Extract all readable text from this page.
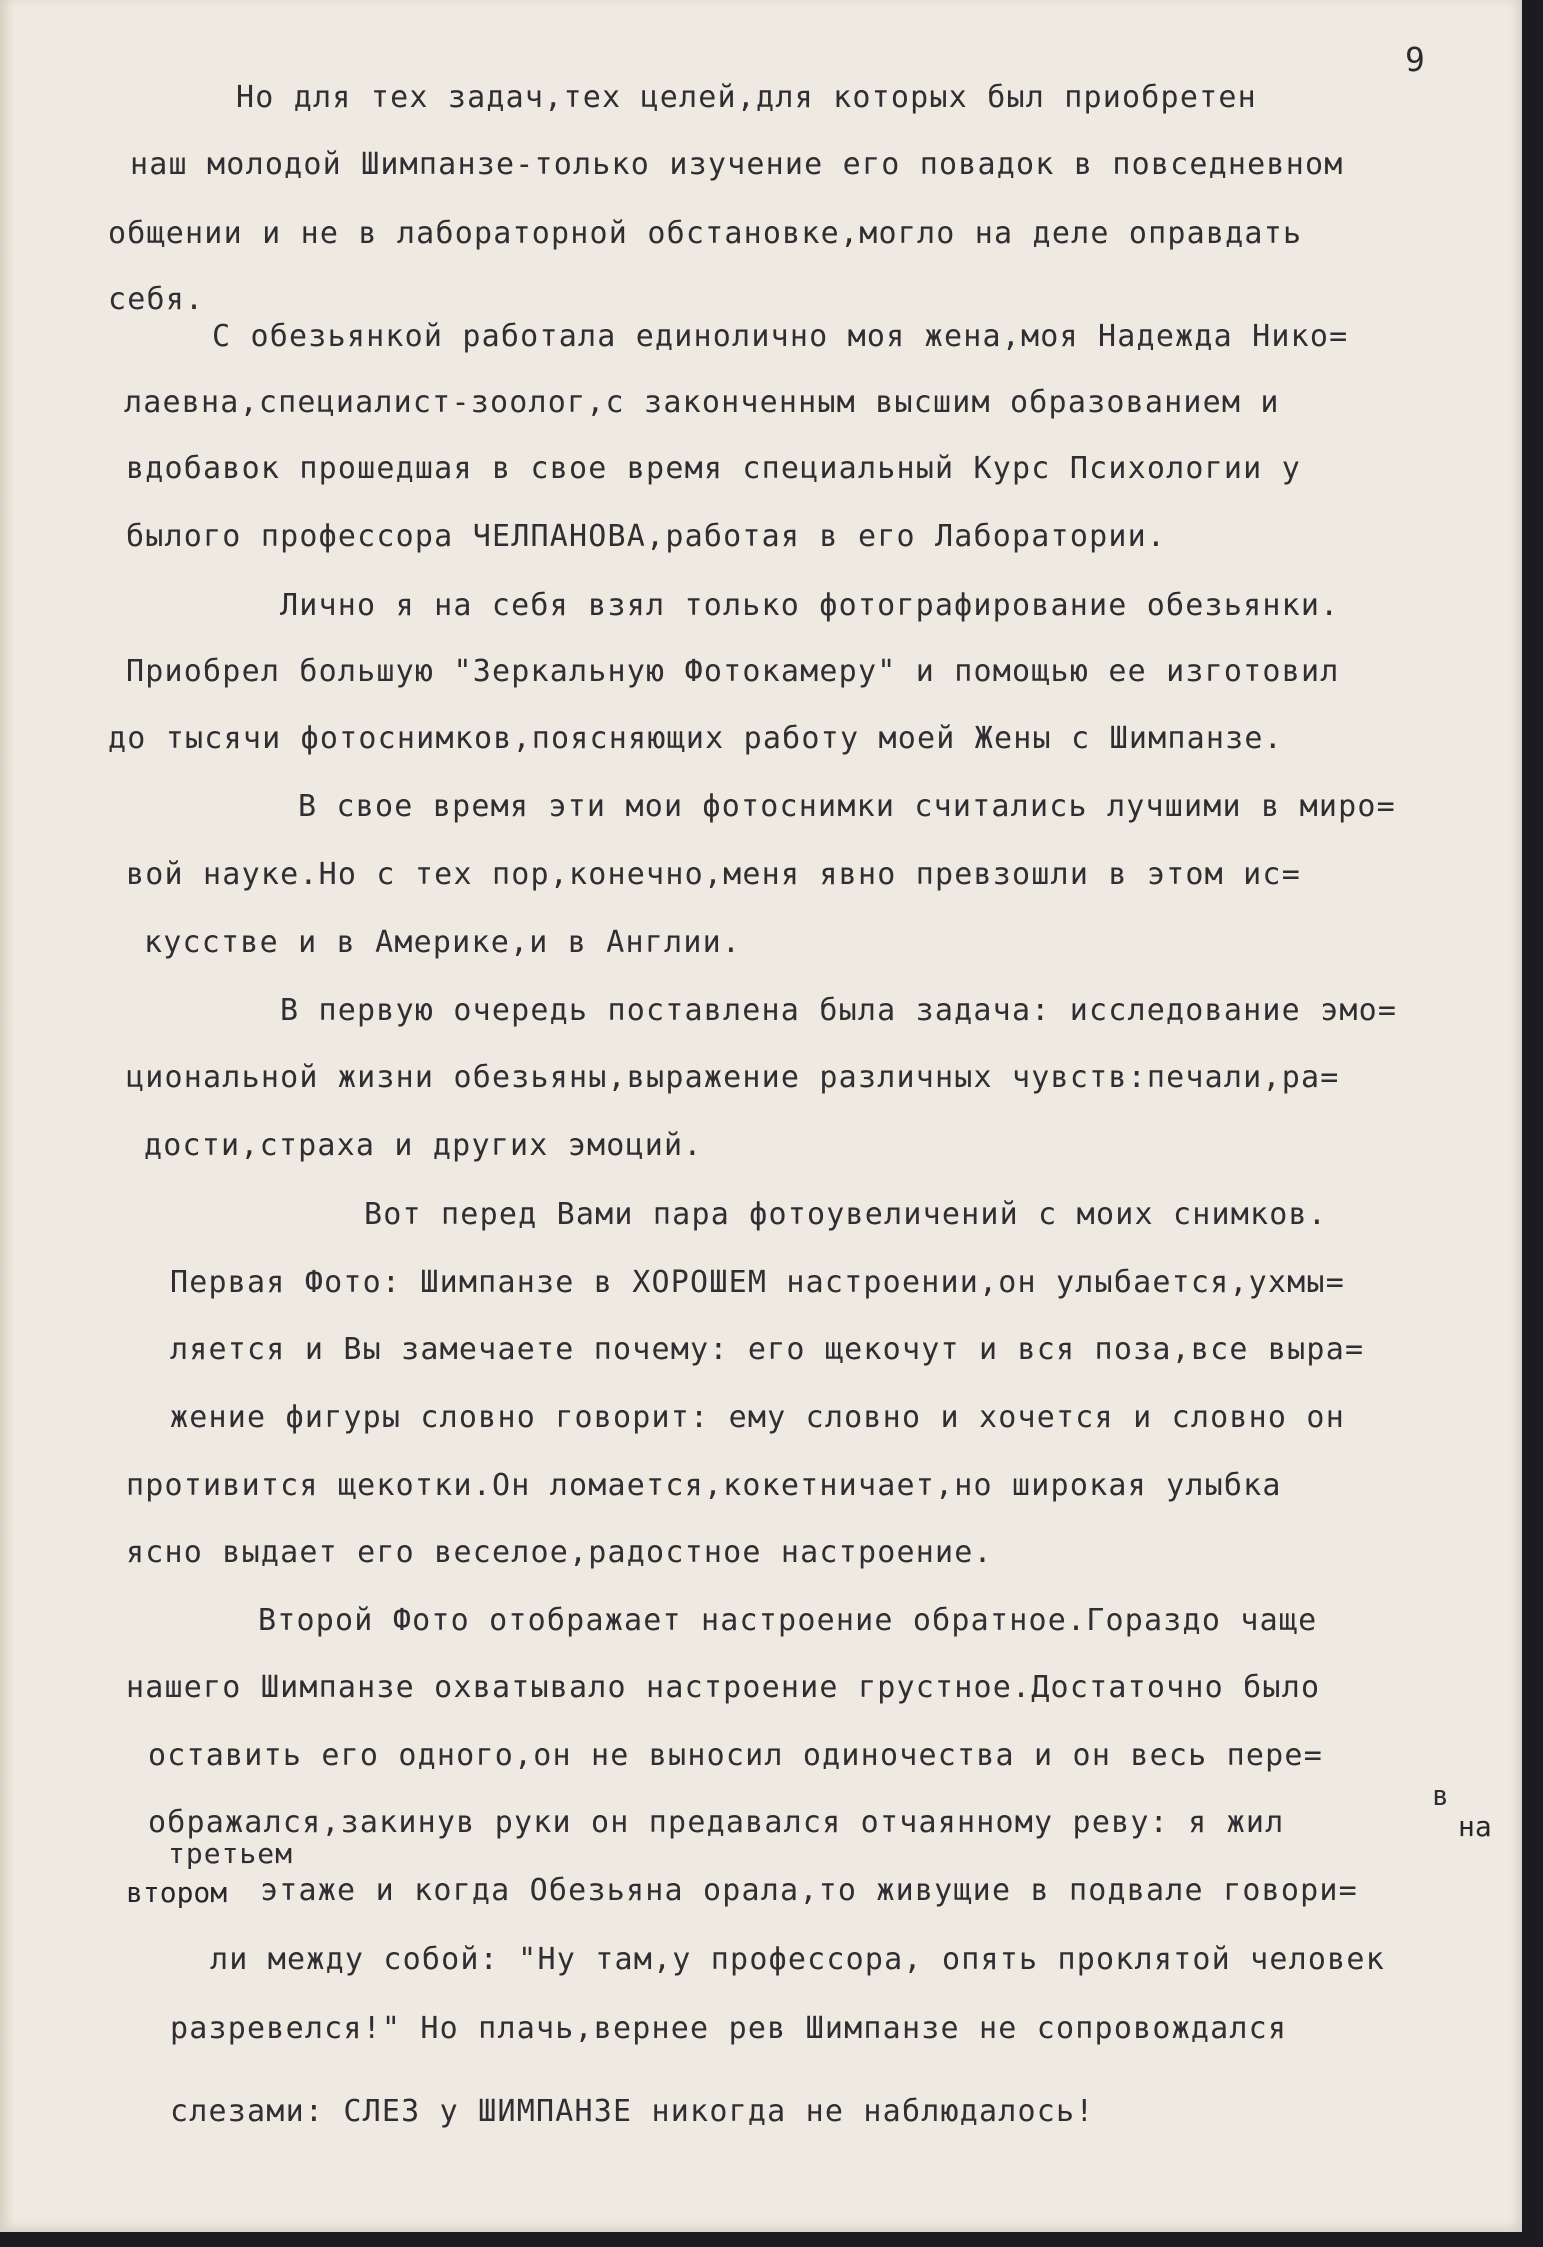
9
Но для тех задач,тех целей,для которых был приобретен
наш молодой Шимпанзе-только изучение его повадок в повседневном
общении и не в лабораторной обстановке,могло на деле оправдать
себя.
С обезьянкой работала единолично моя жена,моя Надежда Нико=
лаевна,специалист-зоолог,с законченным высшим образованием и
вдобавок прошедшая в свое время специальный Курс Психологии у
былого профессора ЧЕЛПАНОВА,работая в его Лаборатории.
Лично я на себя взял только фотографирование обезьянки.
Приобрел большую "Зеркальную Фотокамеру" и помощью ее изготовил
до тысячи фотоснимков,поясняющих работу моей Жены с Шимпанзе.
В свое время эти мои фотоснимки считались лучшими в миро=
вой науке.Но с тех пор,конечно,меня явно превзошли в этом ис=
кусстве и в Америке,и в Англии.
В первую очередь поставлена была задача: исследование эмо=
циональной жизни обезьяны,выражение различных чувств:печали,ра=
дости,страха и других эмоций.
Вот перед Вами пара фотоувеличений с моих снимков.
Первая Фото: Шимпанзе в ХОРОШЕМ настроении,он улыбается,ухмы=
ляется и Вы замечаете почему: его щекочут и вся поза,все выра=
жение фигуры словно говорит: ему словно и хочется и словно он
противится щекотки.Он ломается,кокетничает,но широкая улыбка
ясно выдает его веселое,радостное настроение.
Второй Фото отображает настроение обратное.Гораздо чаще
нашего Шимпанзе охватывало настроение грустное.Достаточно было
оставить его одного,он не выносил одиночества и он весь пере=
в
ображался,закинув руки он предавался отчаянному реву: я жил	на
третьем
втором этаже и когда Обезьяна орала,то живущие в подвале говори=
ли между собой: "Ну там,у профессора, опять проклятой человек
разревелся!" Но плачь,вернее рев Шимпанзе не сопровождался
слезами: СЛЕЗ у ШИМПАНЗЕ никогда не наблюдалось!
